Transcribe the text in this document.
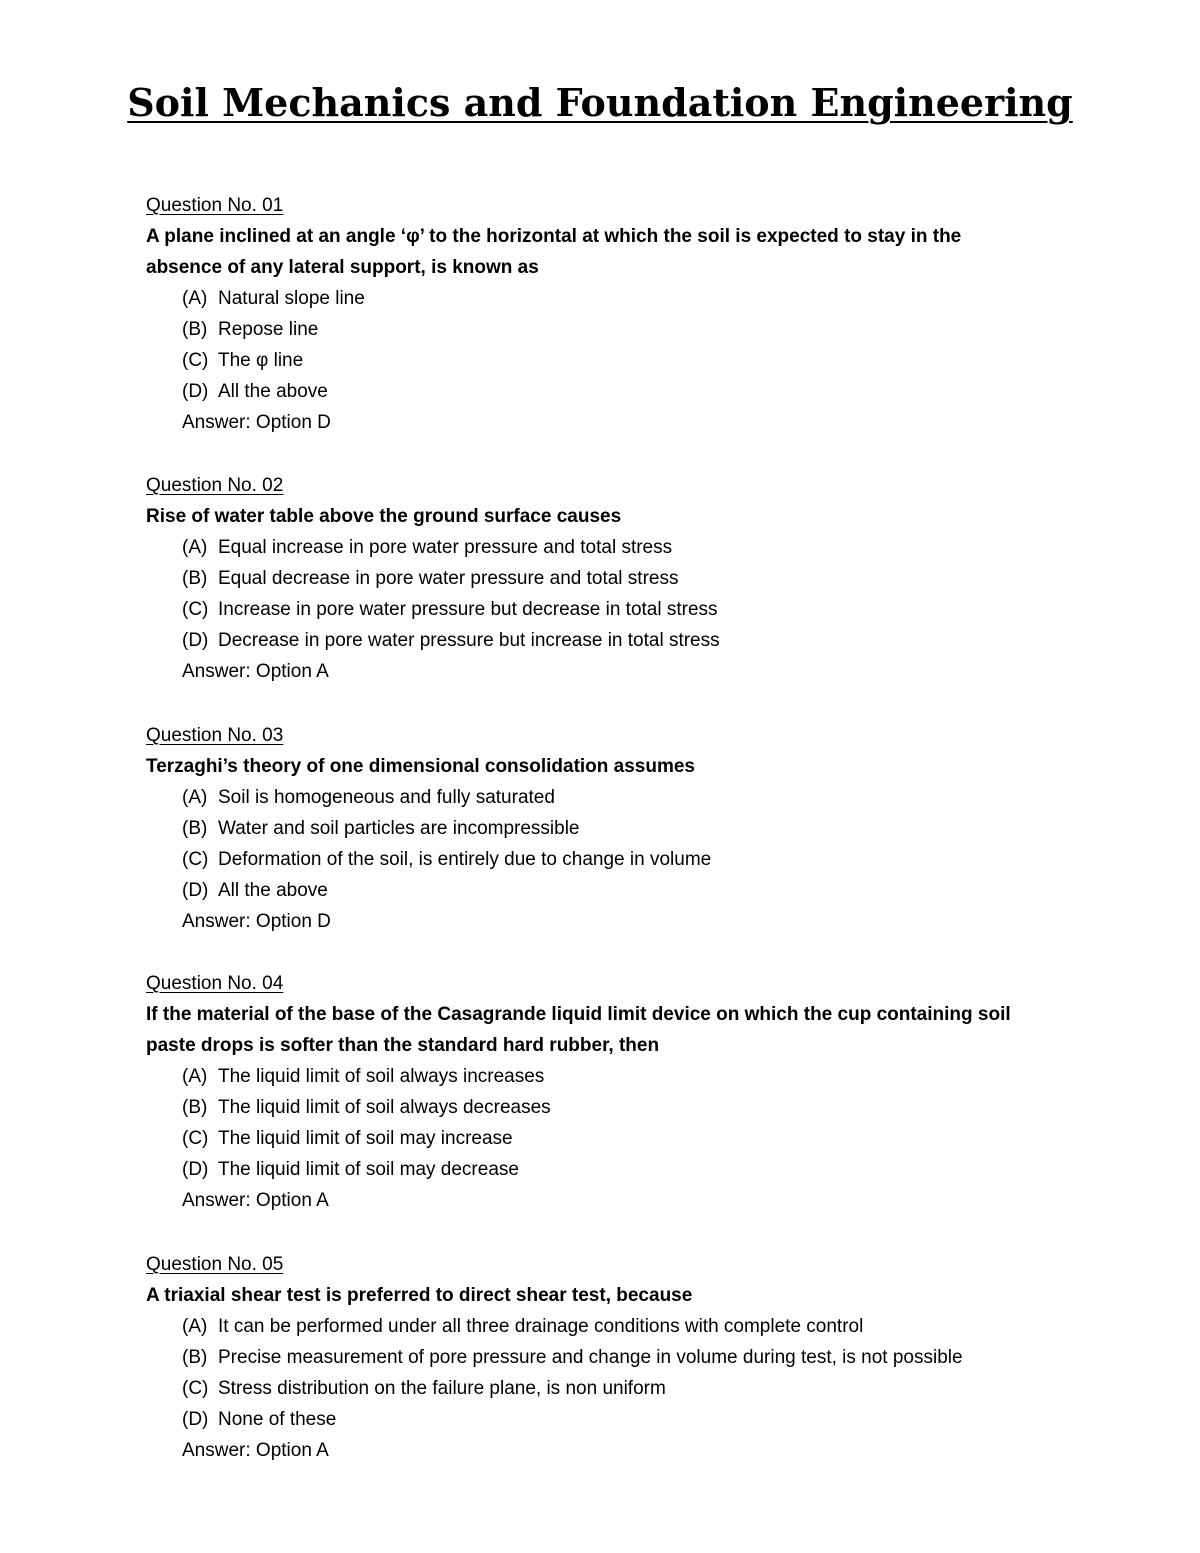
Soil Mechanics and Foundation Engineering
Question No. 01
A plane inclined at an angle ‘φ’ to the horizontal at which the soil is expected to stay in the
absence of any lateral support, is known as
(A) Natural slope line
(B) Repose line
(C) The φ line
(D) All the above
Answer: Option D
Question No. 02
Rise of water table above the ground surface causes
(A) Equal increase in pore water pressure and total stress
(B) Equal decrease in pore water pressure and total stress
(C) Increase in pore water pressure but decrease in total stress
(D) Decrease in pore water pressure but increase in total stress
Answer: Option A
Question No. 03
Terzaghi’s theory of one dimensional consolidation assumes
(A) Soil is homogeneous and fully saturated
(B) Water and soil particles are incompressible
(C) Deformation of the soil, is entirely due to change in volume
(D) All the above
Answer: Option D
Question No. 04
If the material of the base of the Casagrande liquid limit device on which the cup containing soil
paste drops is softer than the standard hard rubber, then
(A) The liquid limit of soil always increases
(B) The liquid limit of soil always decreases
(C) The liquid limit of soil may increase
(D) The liquid limit of soil may decrease
Answer: Option A
Question No. 05
A triaxial shear test is preferred to direct shear test, because
(A) It can be performed under all three drainage conditions with complete control
(B) Precise measurement of pore pressure and change in volume during test, is not possible
(C) Stress distribution on the failure plane, is non uniform
(D) None of these
Answer: Option A
